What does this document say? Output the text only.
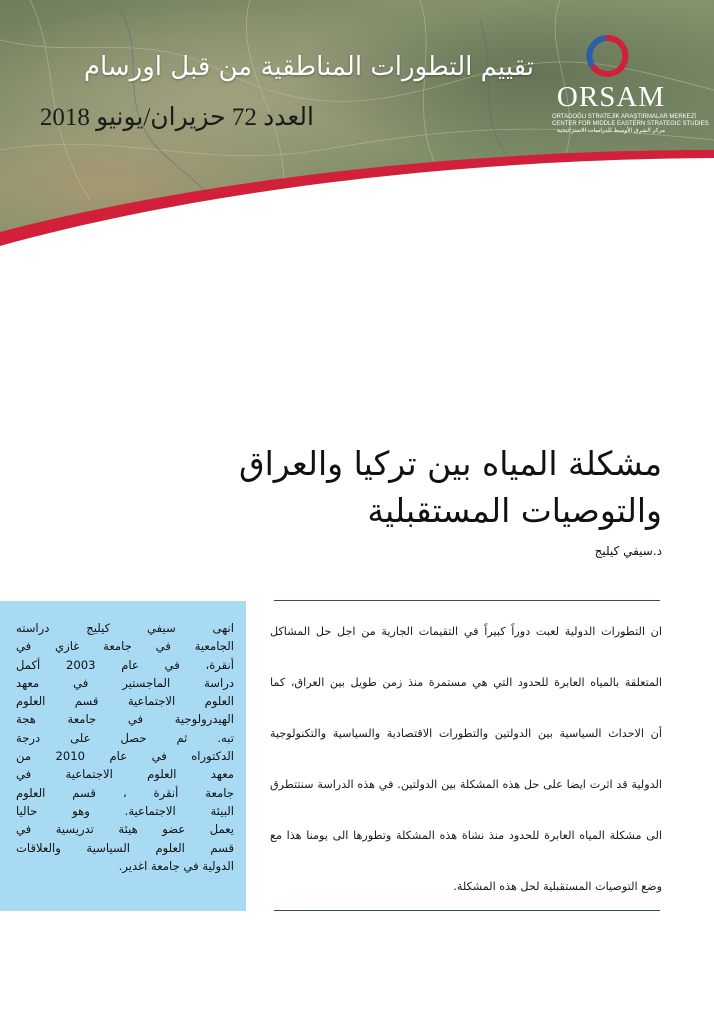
تقييم التطورات المناطقية من قبل اورسام

العدد 72 حزيران/يونيو 2018

ORSAM

ORTADOĞU STRATEJİK ARAŞTIRMALAR MERKEZİ

CENTER FOR MIDDLE EASTERN STRATEGIC STUDIES

مركز الشرق الأوسط للدراسات الاستراتيجية

مشكلة المياه بين تركيا والعراق
والتوصيات المستقبلية

د.سيفي كيليج

ان التطورات الدولية لعبت دوراً كبيراً في التقيمات الجارية من اجل حل المشاكل
المتعلقة بالمياه العابرة للحدود التي هي مستمرة منذ زمن طويل بين العراق، كما
أن الاحداث السياسية بين الدولتين والتطورات الاقتصادية والسياسية والتكنولوجية
الدولية قد اثرت ايضا على حل هذه المشكلة بين الدولتين. في هذه الدراسة سنتتطرق
الى مشكلة المياه العابرة للحدود منذ نشاة هذه المشكلة وتطورها الى يومنا هذا مع
وضع التوصيات المستقبلية لحل هذه المشكلة.
انهى سيفي كيليج دراسته
الجامعية في جامعة غازي في
أنقرة، في عام 2003 أكمل
دراسة الماجستير في معهد
العلوم الاجتماعية قسم العلوم
الهيدرولوجية في جامعة هجة
تبه. ثم حصل على درجة
الدكتوراه في عام 2010 من
معهد العلوم الاجتماعية في
جامعة أنقرة ، قسم العلوم
البيئة الاجتماعية. وهو حاليا
يعمل عضو هيئة تدريسية في
قسم العلوم السياسية والعلاقات
الدولية في جامعة اغدير.
